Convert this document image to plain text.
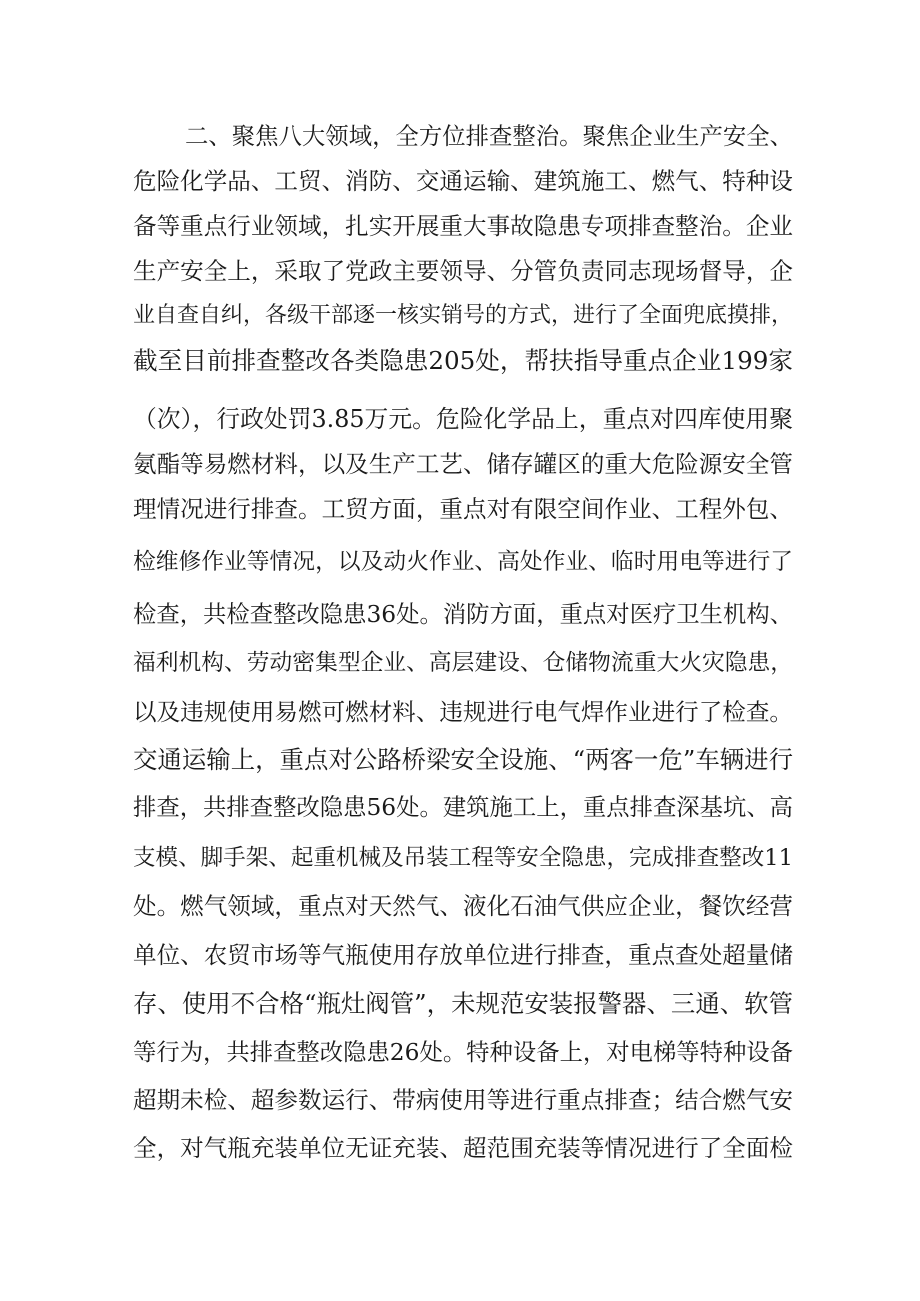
二、聚焦八大领域，全方位排查整治。聚焦企业生产安全、
危险化学品、工贸、消防、交通运输、建筑施工、燃气、特种设
备等重点行业领域，扎实开展重大事故隐患专项排查整治。企业
生产安全上，采取了党政主要领导、分管负责同志现场督导，企
业自查自纠，各级干部逐一核实销号的方式，进行了全面兜底摸排，
截至目前排查整改各类隐患205处，帮扶指导重点企业199家
（次），行政处罚3.85万元。危险化学品上，重点对四库使用聚
氨酯等易燃材料，以及生产工艺、储存罐区的重大危险源安全管
理情况进行排查。工贸方面，重点对有限空间作业、工程外包、
检维修作业等情况，以及动火作业、高处作业、临时用电等进行了
检查，共检查整改隐患36处。消防方面，重点对医疗卫生机构、
福利机构、劳动密集型企业、高层建设、仓储物流重大火灾隐患，
以及违规使用易燃可燃材料、违规进行电气焊作业进行了检查。
交通运输上，重点对公路桥梁安全设施、“两客一危”车辆进行
排查，共排查整改隐患56处。建筑施工上，重点排查深基坑、高
支模、脚手架、起重机械及吊装工程等安全隐患，完成排查整改11
处。燃气领域，重点对天然气、液化石油气供应企业，餐饮经营
单位、农贸市场等气瓶使用存放单位进行排查，重点查处超量储
存、使用不合格“瓶灶阀管”，未规范安装报警器、三通、软管
等行为，共排查整改隐患26处。特种设备上，对电梯等特种设备
超期未检、超参数运行、带病使用等进行重点排查；结合燃气安
全，对气瓶充装单位无证充装、超范围充装等情况进行了全面检
